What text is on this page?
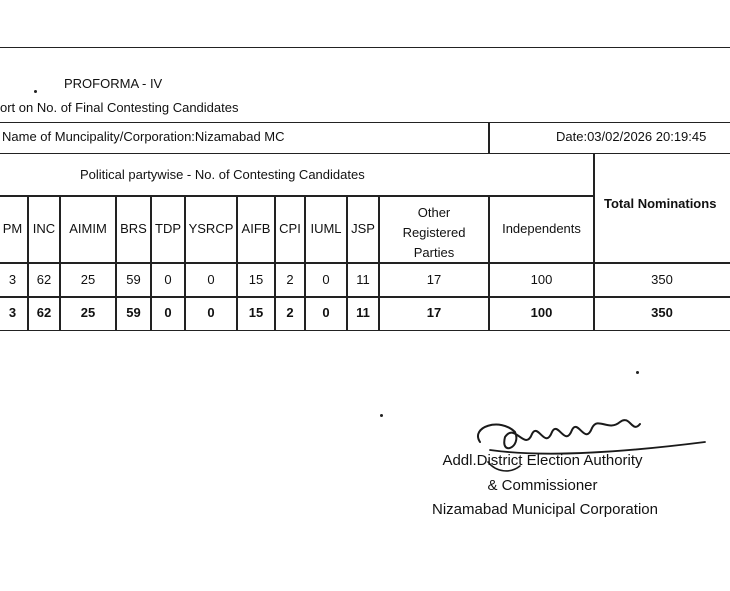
PROFORMA - IV
ort on No. of Final Contesting Candidates
Name of Muncipality/Corporation:Nizamabad MC	Date:03/02/2026 20:19:45
Political partywise - No. of Contesting Candidates
Total Nominations
PM INC	AIMIM	BRS TDP YSRCP AIFB CPI IUML JSP
Other
Registered
Parties
Independents
3	62	25	59	0	0	15	2	0	11	17	100	350
3	62	25	59	0	0	15	2	0	11	17	100	350
Addl.District Election Authority
& Commissioner
Nizamabad Municipal Corporation
